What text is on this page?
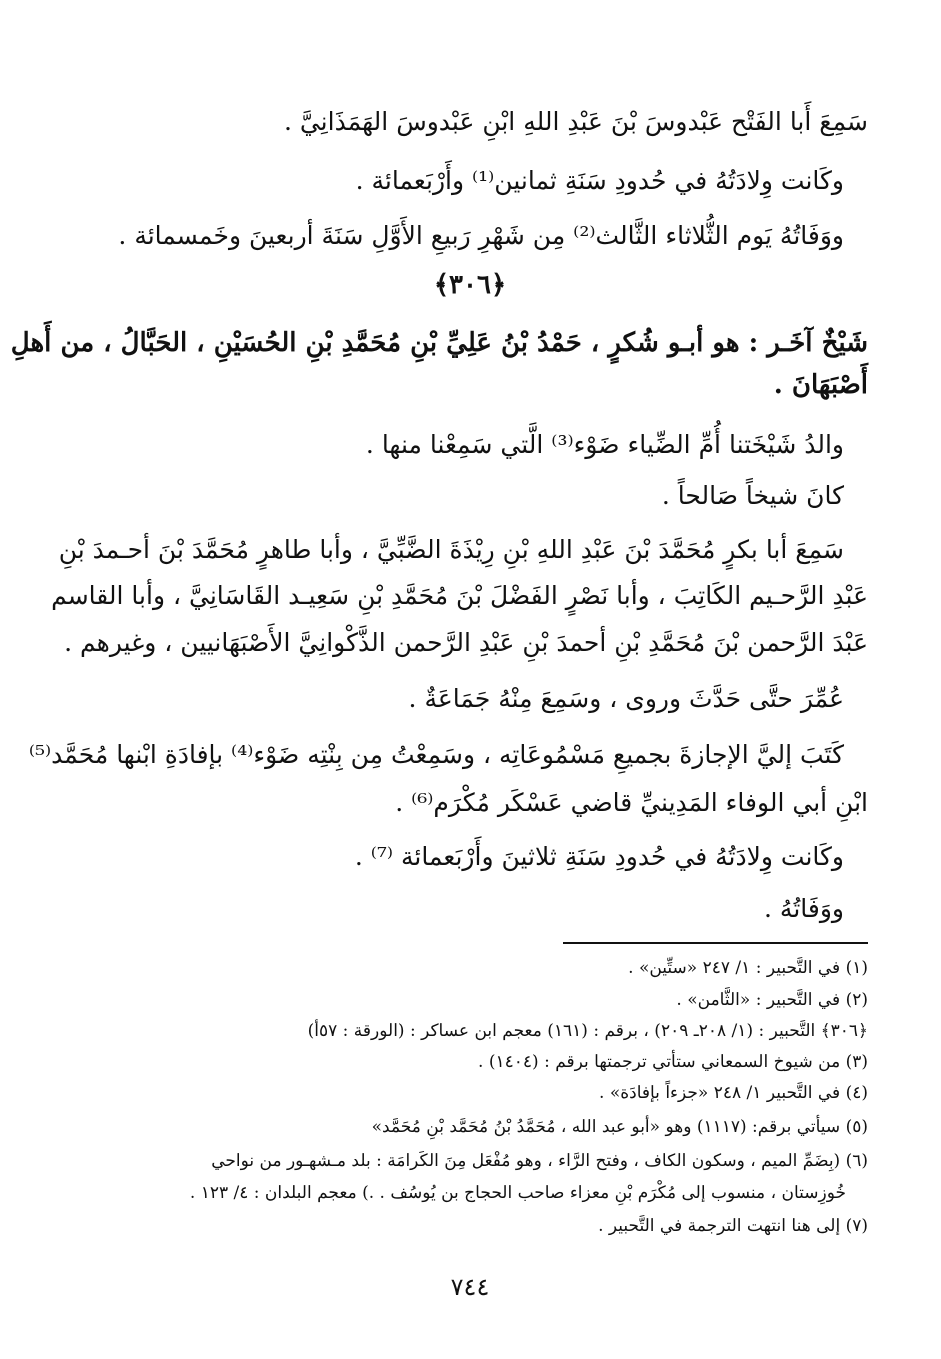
سَمِعَ أَبا الفَتْح عَبْدوسَ بْنَ عَبْدِ اللهِ ابْنِ عَبْدوسَ الهَمَذَانِيَّ .
وكَانت وِلادَتُهُ في حُدودِ سَنَةِ ثمانين⁽¹⁾ وأَرْبَعمائة .
ووَفَاتُهُ يَوم الثُّلاثاء الثَّالث⁽²⁾ مِن شَهْرِ رَبيعِ الأَوَّلِ سَنَةَ أربعينَ وخَمسمائة .
﴿٣٠٦﴾
شَيْخٌ آخَـر : هو أبـو شُكرٍ ، حَمْدُ بْنُ عَلِيِّ بْنِ مُحَمَّدِ بْنِ الحُسَيْنِ ، الحَبَّالُ ، من أَهلِ
أَصْبَهَانَ .
والدُ شَيْخَتنا أُمِّ الضِّياء ضَوْء⁽³⁾ الَّتي سَمِعْنا منها .
كانَ شيخاً صَالحاً .
سَمِعَ أبا بكرٍ مُحَمَّدَ بْنَ عَبْدِ اللهِ بْنِ رِيْذَةَ الضَّبِّيَّ ، وأبا طاهرٍ مُحَمَّدَ بْنَ أحـمدَ بْنِ
عَبْدِ الرَّحـيم الكَاتِبَ ، وأبا نَصْرٍ الفَضْلَ بْنَ مُحَمَّدِ بْنِ سَعِيـد القَاسَانِيَّ ، وأبا القاسم
عَبْدَ الرَّحمن بْنَ مُحَمَّدِ بْنِ أحمدَ بْنِ عَبْدِ الرَّحمن الذَّكْوانِيَّ الأَصْبَهَانيين ، وغيرهم .
عُمِّرَ حتَّى حَدَّثَ وروى ، وسَمِعَ مِنْهُ جَمَاعَةٌ .
كَتَبَ إليَّ الإجازةَ بجميعِ مَسْمُوعَاتِه ، وسَمِعْتُ مِن بِنْتِه ضَوْء⁽⁴⁾ بإفادَةِ ابْنها مُحَمَّد⁽⁵⁾
ابْنِ أبي الوفاء المَدِينيِّ قاضي عَسْكَر مُكْرَم⁽⁶⁾ .
وكَانت وِلادَتُهُ في حُدودِ سَنَةِ ثلاثينَ وأَرْبَعمائة ⁽⁷⁾ .
ووَفَاتُهُ .
(١) في التَّحبير : ١/ ٢٤٧ «ستِّين» .
(٢) في التَّحبير : «الثَّامن» .
﴿٣٠٦﴾ التَّحبير : (١/ ٢٠٨ـ ٢٠٩) ، برقم : (١٦١) معجم ابن عساكر : (الورقة : ٥٧أ)
(٣) من شيوخ السمعاني ستأتي ترجمتها برقم : (١٤٠٤) .
(٤) في التَّحبير ١/ ٢٤٨ «جزءاً بإفادَة» .
(٥) سيأتي برقم: (١١١٧) وهو «أبو عبد الله ، مُحَمَّدُ بْنُ مُحَمَّد بْنِ مُحَمَّد»
(٦) (بِضَمِّ الميم ، وسكون الكاف ، وفتح الرَّاء ، وهو مُفْعَل مِنَ الكَرامَة : بلد مـشهـور من نواحي
خُوزِستان ، منسوب إلى مُكْرَم بْنِ معزاء صاحب الحجاج بن يُوسُف . .) معجم البلدان : ٤/ ١٢٣ .
(٧) إلى هنا انتهت الترجمة في التَّحبير .
٧٤٤
